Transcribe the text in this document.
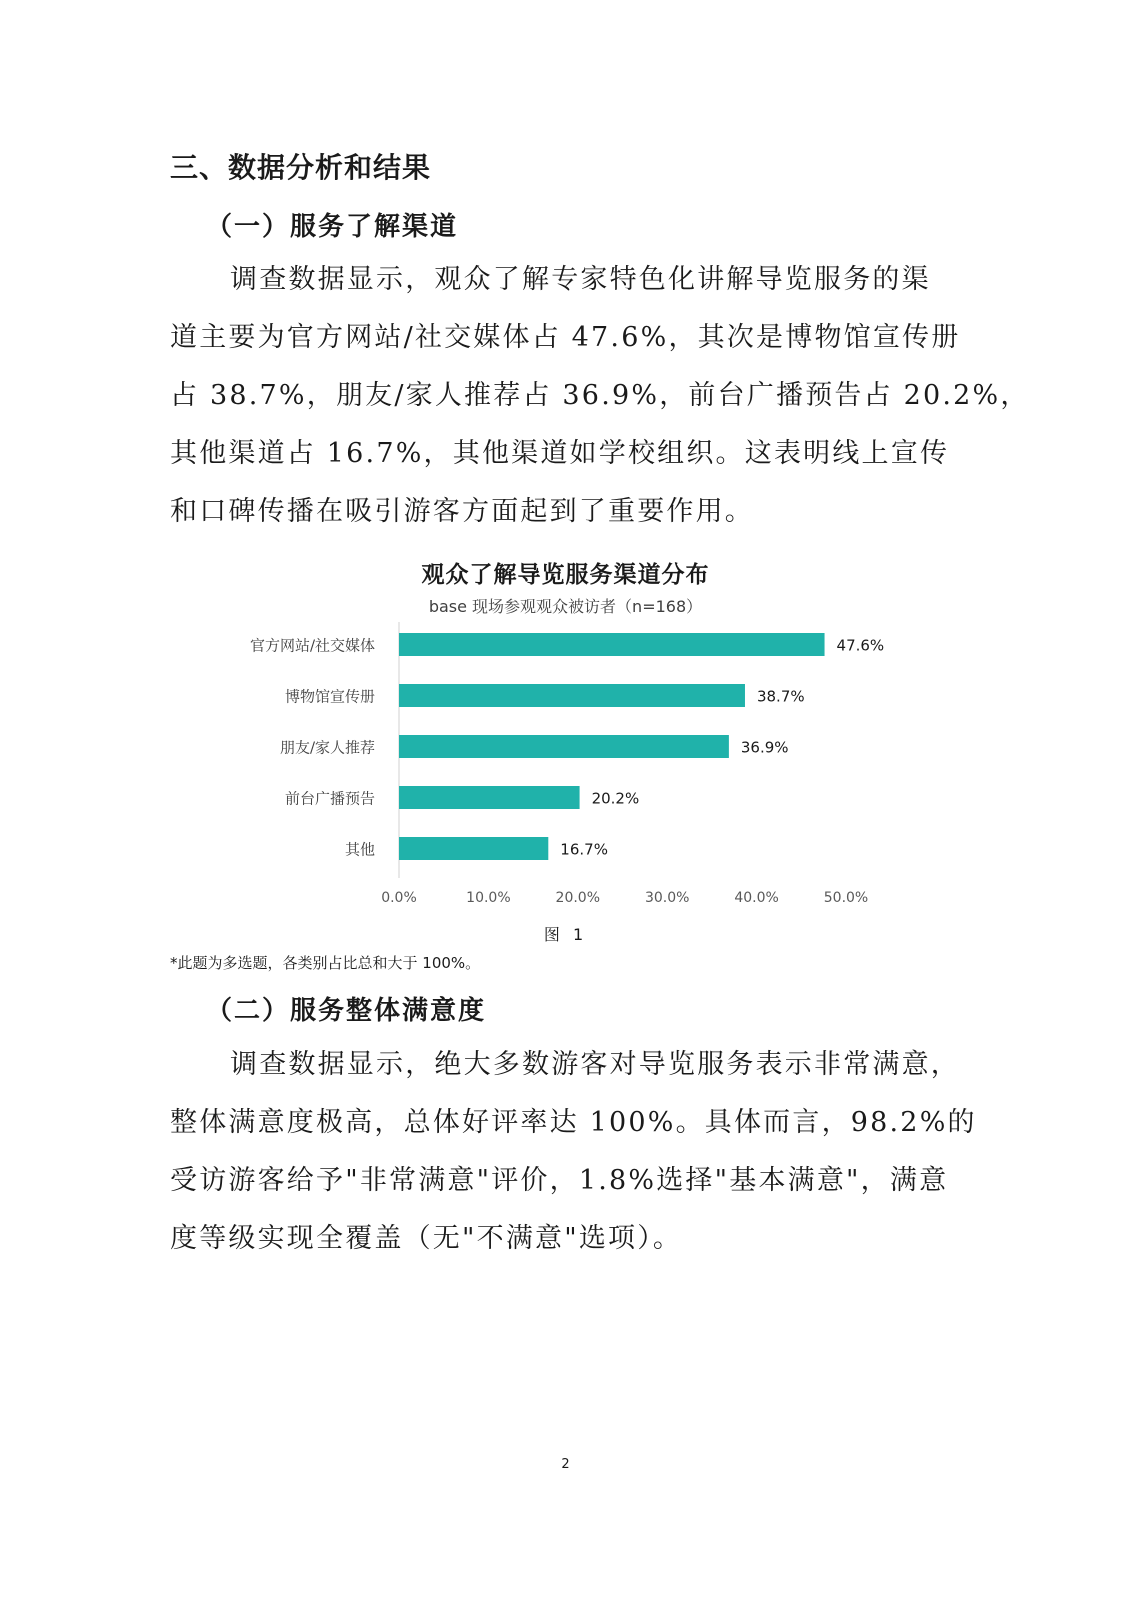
三、数据分析和结果
（一）服务了解渠道
调查数据显示，观众了解专家特色化讲解导览服务的渠
道主要为官方网站/社交媒体占 47.6%，其次是博物馆宣传册
占 38.7%，朋友/家人推荐占 36.9%，前台广播预告占 20.2%，
其他渠道占 16.7%，其他渠道如学校组织。这表明线上宣传
和口碑传播在吸引游客方面起到了重要作用。
观众了解导览服务渠道分布
base 现场参观观众被访者（n=168）
官方网站/社交媒体	47.6%
博物馆宣传册	38.7%
朋友/家人推荐	36.9%
前台广播预告	20.2%
其他	16.7%
0.0%	10.0%	20.0%	30.0%	40.0%	50.0%
图 1
*此题为多选题，各类别占比总和大于 100%。
（二）服务整体满意度
调查数据显示，绝大多数游客对导览服务表示非常满意，
整体满意度极高，总体好评率达 100%。具体而言，98.2%的
受访游客给予"非常满意"评价，1.8%选择"基本满意"，满意
度等级实现全覆盖（无"不满意"选项）。
2
